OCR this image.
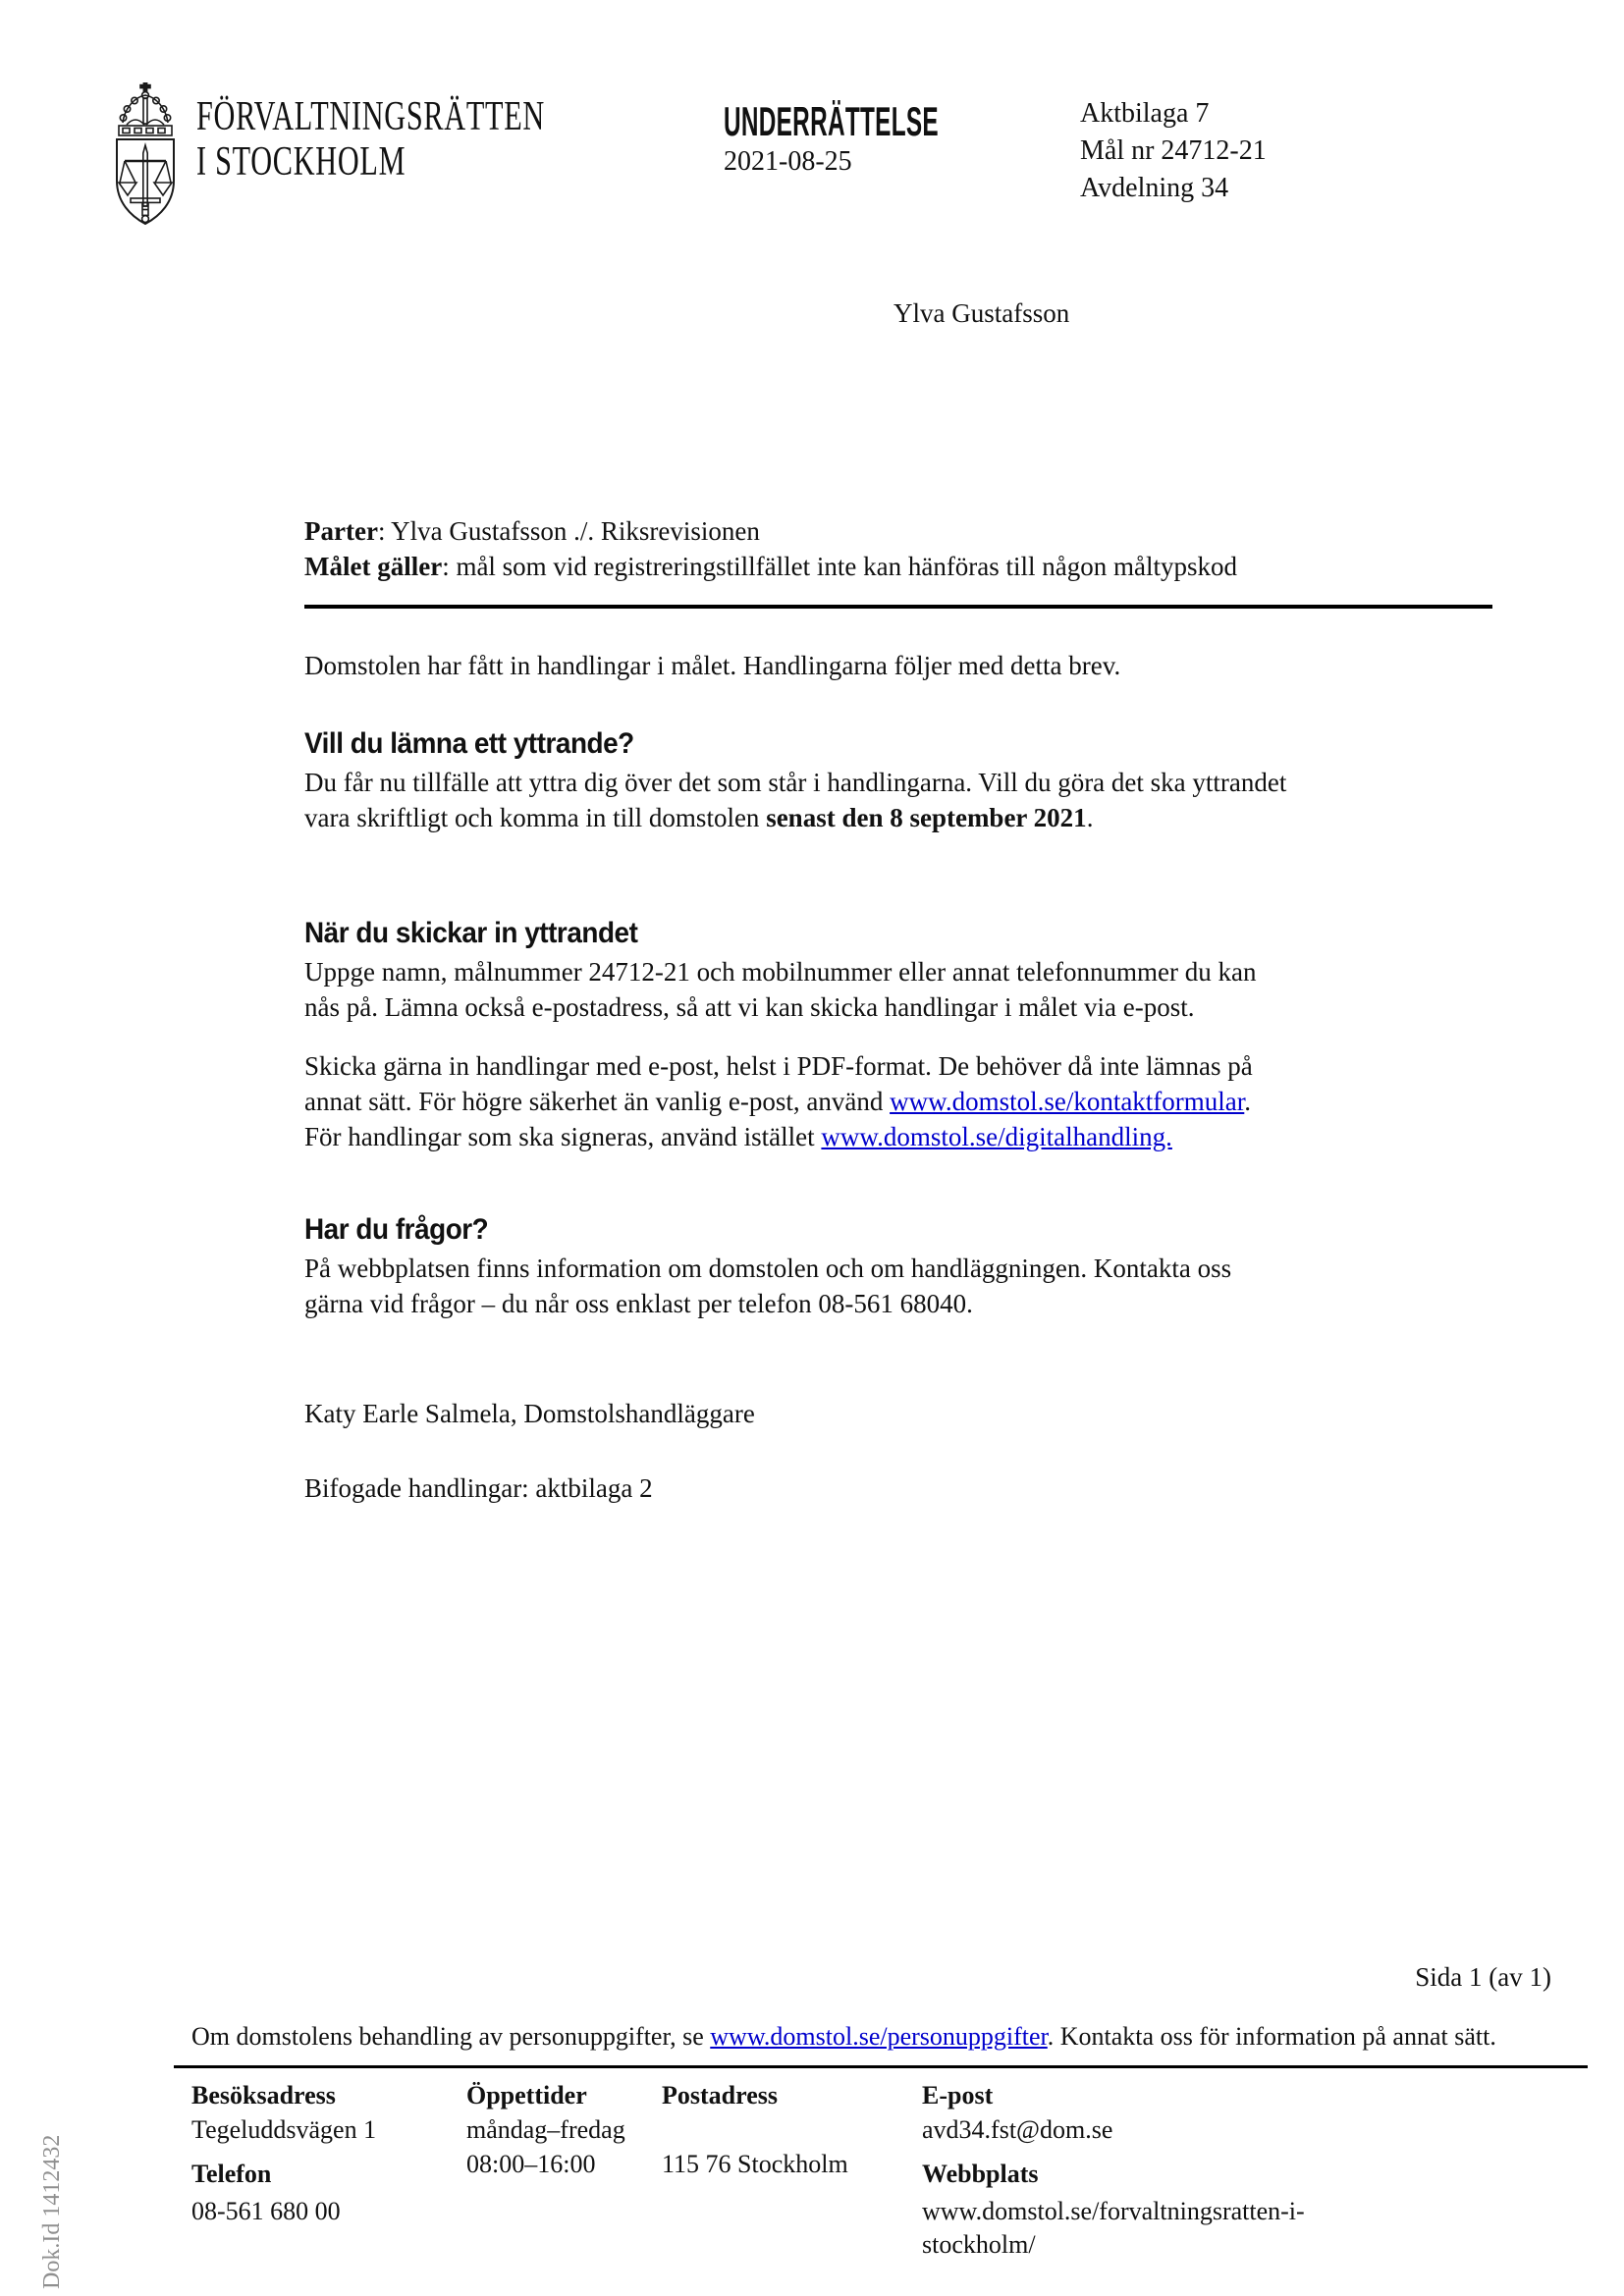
FÖRVALTNINGSRÄTTEN
I STOCKHOLM
UNDERRÄTTELSE
2021-08-25
Aktbilaga 7
Mål nr 24712-21
Avdelning 34
Ylva Gustafsson
Parter: Ylva Gustafsson ./. Riksrevisionen
Målet gäller: mål som vid registreringstillfället inte kan hänföras till någon måltypskod
Domstolen har fått in handlingar i målet. Handlingarna följer med detta brev.
Vill du lämna ett yttrande?
Du får nu tillfälle att yttra dig över det som står i handlingarna. Vill du göra det ska yttrandet
vara skriftligt och komma in till domstolen senast den 8 september 2021.
När du skickar in yttrandet
Uppge namn, målnummer 24712-21 och mobilnummer eller annat telefonnummer du kan
nås på. Lämna också e-postadress, så att vi kan skicka handlingar i målet via e-post.
Skicka gärna in handlingar med e-post, helst i PDF-format. De behöver då inte lämnas på
annat sätt. För högre säkerhet än vanlig e-post, använd www.domstol.se/kontaktformular.
För handlingar som ska signeras, använd istället www.domstol.se/digitalhandling.
Har du frågor?
På webbplatsen finns information om domstolen och om handläggningen. Kontakta oss
gärna vid frågor – du når oss enklast per telefon 08-561 68040.
Katy Earle Salmela, Domstolshandläggare
Bifogade handlingar: aktbilaga 2
Sida 1 (av 1)
Om domstolens behandling av personuppgifter, se www.domstol.se/personuppgifter. Kontakta oss för information på annat sätt.
Besöksadress
Tegeluddsvägen 1
Telefon
08-561 680 00
Öppettider
måndag–fredag
08:00–16:00
Postadress
115 76 Stockholm
E-post
avd34.fst@dom.se
Webbplats
www.domstol.se/forvaltningsratten-i-
stockholm/
Dok.Id 1412432
